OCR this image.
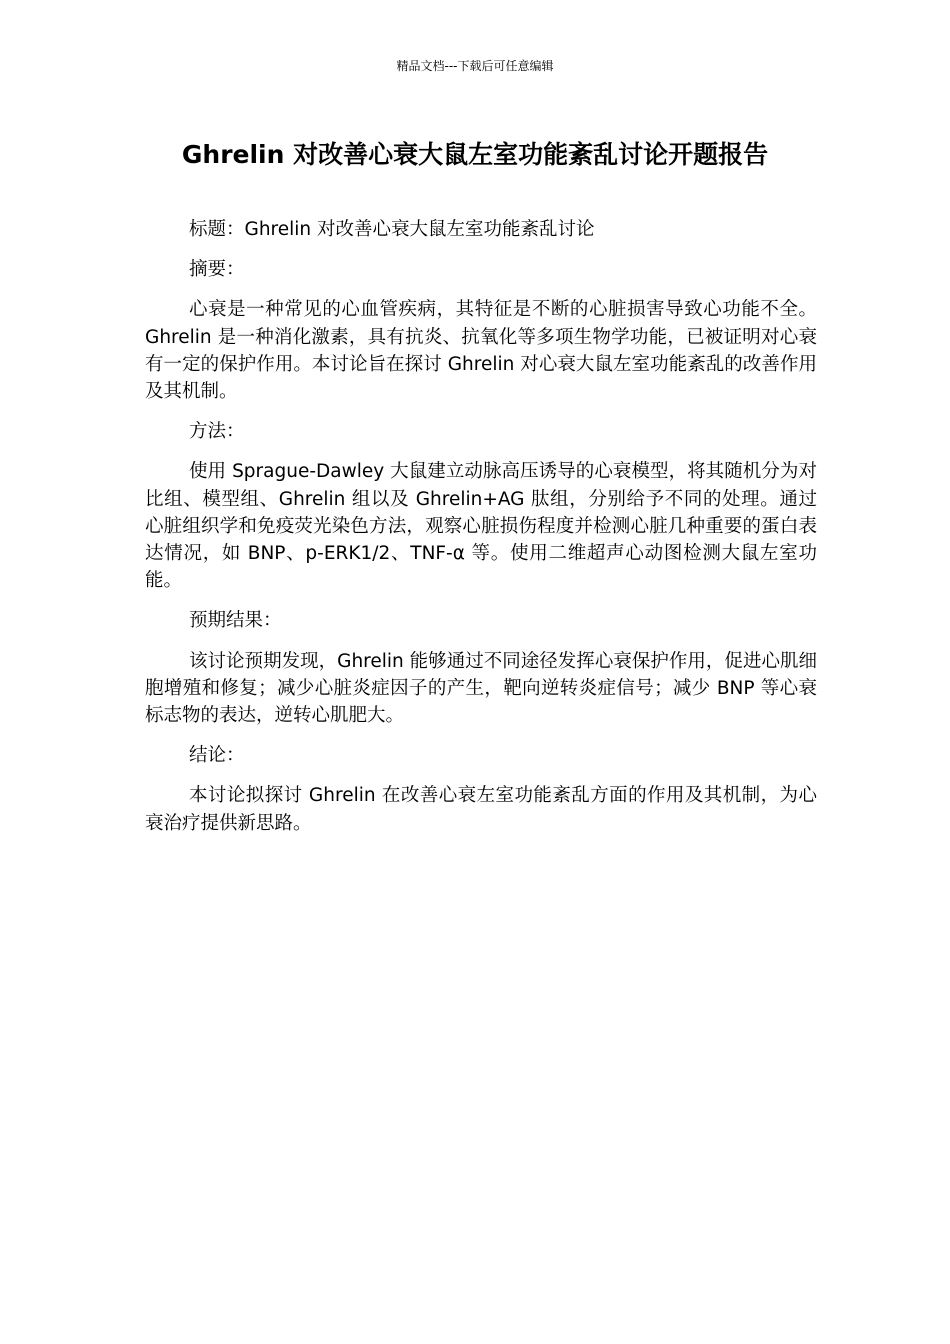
精品文档---下载后可任意编辑
Ghrelin 对改善心衰大鼠左室功能紊乱讨论开题报告

标题：Ghrelin 对改善心衰大鼠左室功能紊乱讨论

摘要：

心衰是一种常见的心血管疾病，其特征是不断的心脏损害导致心功能不全。Ghrelin 是一种消化激素，具有抗炎、抗氧化等多项生物学功能，已被证明对心衰有一定的保护作用。本讨论旨在探讨 Ghrelin 对心衰大鼠左室功能紊乱的改善作用及其机制。

方法：

使用 Sprague-Dawley 大鼠建立动脉高压诱导的心衰模型，将其随机分为对比组、模型组、Ghrelin 组以及 Ghrelin+AG 肽组，分别给予不同的处理。通过心脏组织学和免疫荧光染色方法，观察心脏损伤程度并检测心脏几种重要的蛋白表达情况，如 BNP、p-ERK1/2、TNF-α 等。使用二维超声心动图检测大鼠左室功能。

预期结果：

该讨论预期发现，Ghrelin 能够通过不同途径发挥心衰保护作用，促进心肌细胞增殖和修复；减少心脏炎症因子的产生，靶向逆转炎症信号；减少 BNP 等心衰标志物的表达，逆转心肌肥大。

结论：

本讨论拟探讨 Ghrelin 在改善心衰左室功能紊乱方面的作用及其机制，为心衰治疗提供新思路。
